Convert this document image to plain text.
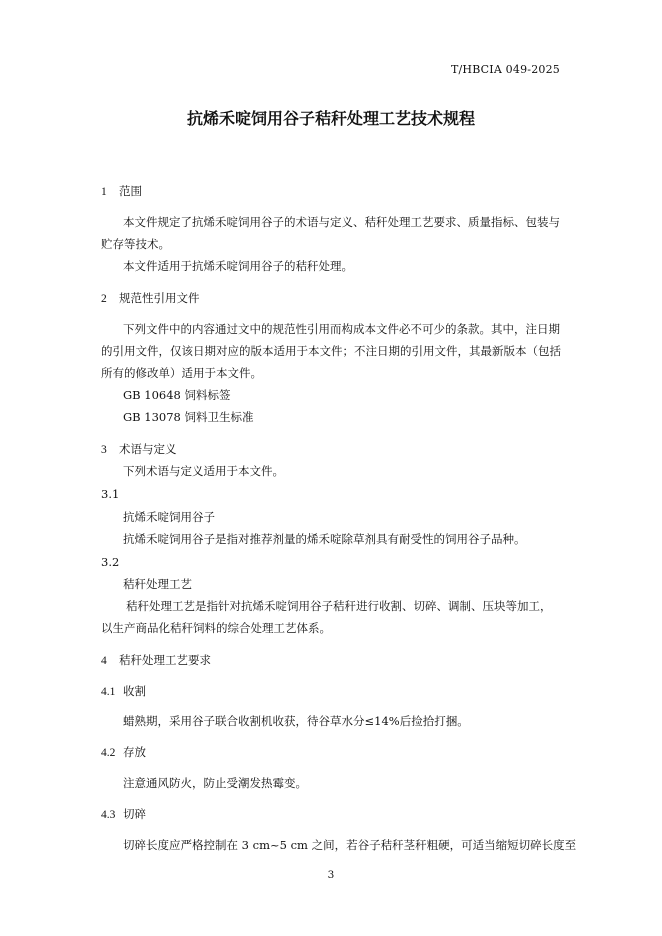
T/HBCIA 049-2025
抗烯禾啶饲用谷子秸秆处理工艺技术规程
1 范围
本文件规定了抗烯禾啶饲用谷子的术语与定义、秸秆处理工艺要求、质量指标、包装与
贮存等技术。
本文件适用于抗烯禾啶饲用谷子的秸秆处理。
2 规范性引用文件
下列文件中的内容通过文中的规范性引用而构成本文件必不可少的条款。其中，注日期
的引用文件，仅该日期对应的版本适用于本文件；不注日期的引用文件，其最新版本（包括
所有的修改单）适用于本文件。
GB 10648 饲料标签
GB 13078 饲料卫生标准
3 术语与定义
下列术语与定义适用于本文件。
3.1
抗烯禾啶饲用谷子
抗烯禾啶饲用谷子是指对推荐剂量的烯禾啶除草剂具有耐受性的饲用谷子品种。
3.2
秸秆处理工艺
秸秆处理工艺是指针对抗烯禾啶饲用谷子秸秆进行收割、切碎、调制、压块等加工，
以生产商品化秸秆饲料的综合处理工艺体系。
4 秸秆处理工艺要求
4.1 收割
蜡熟期，采用谷子联合收割机收获，待谷草水分≤14%后捡拾打捆。
4.2 存放
注意通风防火，防止受潮发热霉变。
4.3 切碎
切碎长度应严格控制在 3 cm~5 cm 之间，若谷子秸秆茎秆粗硬，可适当缩短切碎长度至
3
